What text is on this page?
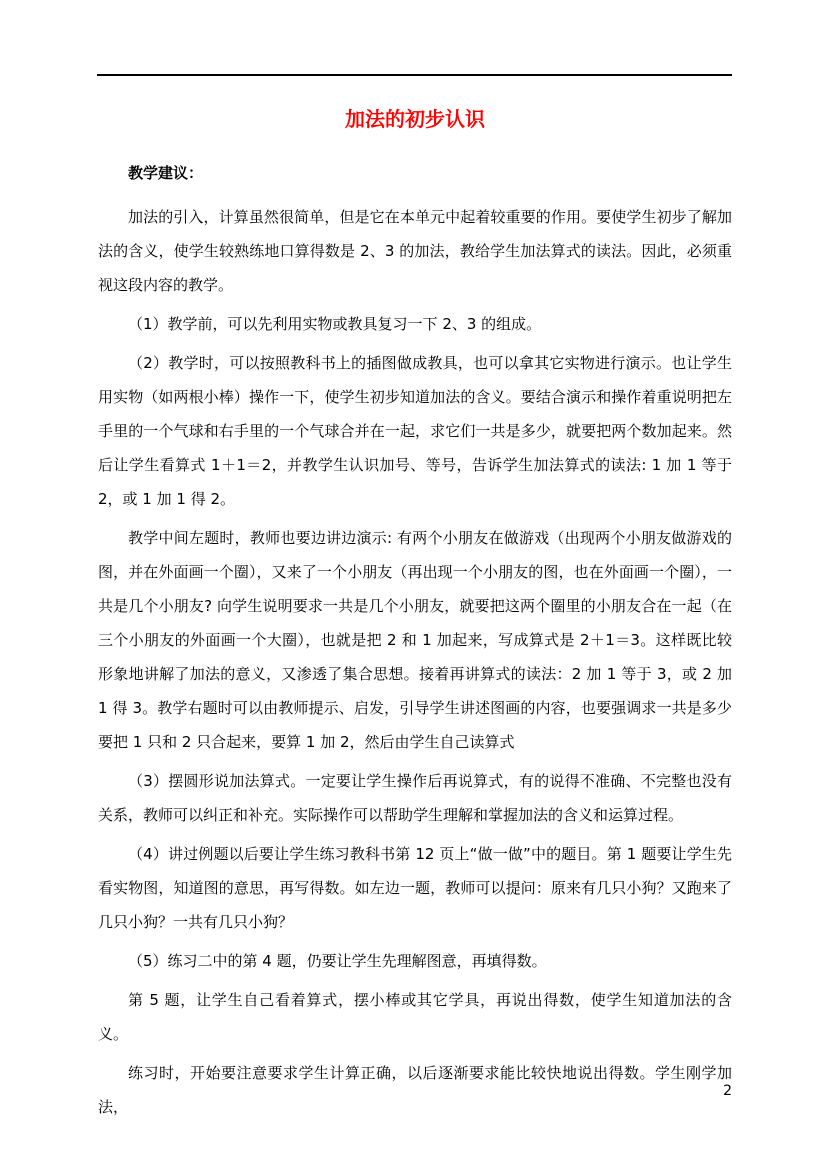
加法的初步认识
教学建议：

加法的引入，计算虽然很简单，但是它在本单元中起着较重要的作用。要使学生初步了解加法的含义，使学生较熟练地口算得数是 2、3 的加法，教给学生加法算式的读法。因此，必须重视这段内容的教学。

（1）教学前，可以先利用实物或教具复习一下 2、3 的组成。

（2）教学时，可以按照教科书上的插图做成教具，也可以拿其它实物进行演示。也让学生用实物（如两根小棒）操作一下，使学生初步知道加法的含义。要结合演示和操作着重说明把左手里的一个气球和右手里的一个气球合并在一起，求它们一共是多少，就要把两个数加起来。然后让学生看算式 1＋1＝2，并教学生认识加号、等号，告诉学生加法算式的读法: 1 加 1 等于 2，或 1 加 1 得 2。

教学中间左题时，教师也要边讲边演示: 有两个小朋友在做游戏（出现两个小朋友做游戏的图，并在外面画一个圈），又来了一个小朋友（再出现一个小朋友的图，也在外面画一个圈），一共是几个小朋友? 向学生说明要求一共是几个小朋友，就要把这两个圈里的小朋友合在一起（在三个小朋友的外面画一个大圈），也就是把 2 和 1 加起来，写成算式是 2＋1＝3。这样既比较形象地讲解了加法的意义，又渗透了集合思想。接着再讲算式的读法：2 加 1 等于 3，或 2 加 1 得 3。教学右题时可以由教师提示、启发，引导学生讲述图画的内容，也要强调求一共是多少要把 1 只和 2 只合起来，要算 1 加 2，然后由学生自己读算式

（3）摆圆形说加法算式。一定要让学生操作后再说算式，有的说得不准确、不完整也没有关系，教师可以纠正和补充。实际操作可以帮助学生理解和掌握加法的含义和运算过程。

（4）讲过例题以后要让学生练习教科书第 12 页上“做一做”中的题目。第 1 题要让学生先看实物图，知道图的意思，再写得数。如左边一题，教师可以提问：原来有几只小狗？又跑来了几只小狗？一共有几只小狗？

（5）练习二中的第 4 题，仍要让学生先理解图意，再填得数。

第 5 题，让学生自己看着算式，摆小棒或其它学具，再说出得数，使学生知道加法的含义。

练习时，开始要注意要求学生计算正确，以后逐渐要求能比较快地说出得数。学生刚学加法，

2
